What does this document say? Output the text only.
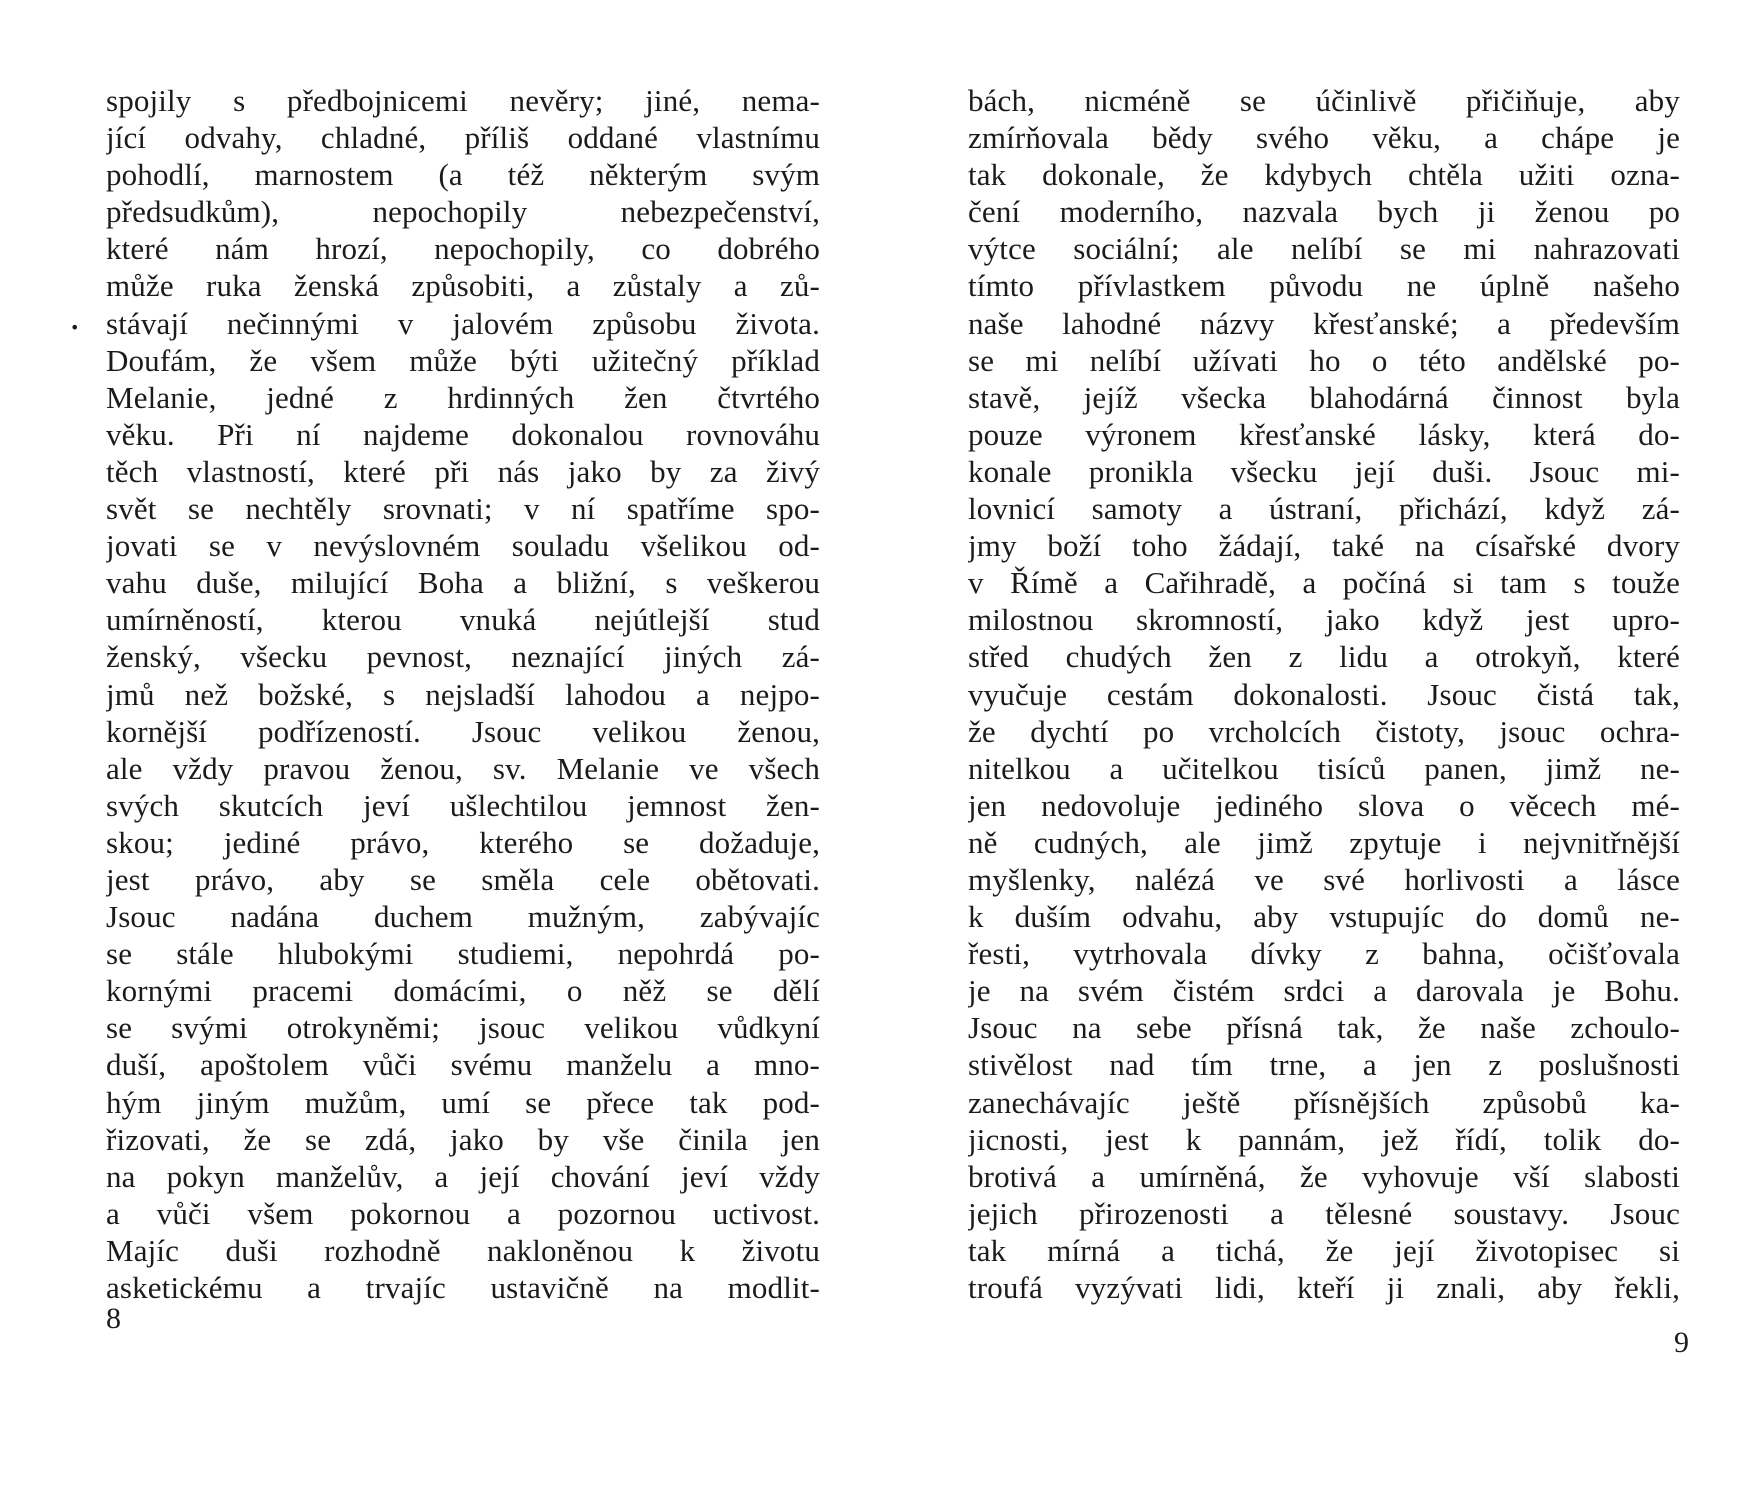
•
spojily s předbojnicemi nevěry; jiné, nema-
jící odvahy, chladné, příliš oddané vlastnímu
pohodlí, marnostem (a též některým svým
předsudkům), nepochopily nebezpečenství,
které nám hrozí, nepochopily, co dobrého
může ruka ženská způsobiti, a zůstaly a zů-
stávají nečinnými v jalovém způsobu života.
Doufám, že všem může býti užitečný příklad
Melanie, jedné z hrdinných žen čtvrtého
věku. Při ní najdeme dokonalou rovnováhu
těch vlastností, které při nás jako by za živý
svět se nechtěly srovnati; v ní spatříme spo-
jovati se v nevýslovném souladu všelikou od-
vahu duše, milující Boha a bližní, s veškerou
umírněností, kterou vnuká nejútlejší stud
ženský, všecku pevnost, neznající jiných zá-
jmů než božské, s nejsladší lahodou a nejpo-
kornější podřízeností. Jsouc velikou ženou,
ale vždy pravou ženou, sv. Melanie ve všech
svých skutcích jeví ušlechtilou jemnost žen-
skou; jediné právo, kterého se dožaduje,
jest právo, aby se směla cele obětovati.
Jsouc nadána duchem mužným, zabývajíc
se stále hlubokými studiemi, nepohrdá po-
kornými pracemi domácími, o něž se dělí
se svými otrokyněmi; jsouc velikou vůdkyní
duší, apoštolem vůči svému manželu a mno-
hým jiným mužům, umí se přece tak pod-
řizovati, že se zdá, jako by vše činila jen
na pokyn manželův, a její chování jeví vždy
a vůči všem pokornou a pozornou uctivost.
Majíc duši rozhodně nakloněnou k životu
asketickému a trvajíc ustavičně na modlit-
8
bách, nicméně se účinlivě přičiňuje, aby
zmírňovala bědy svého věku, a chápe je
tak dokonale, že kdybych chtěla užiti ozna-
čení moderního, nazvala bych ji ženou po
výtce sociální; ale nelíbí se mi nahrazovati
tímto přívlastkem původu ne úplně našeho
naše lahodné názvy křesťanské; a především
se mi nelíbí užívati ho o této andělské po-
stavě, jejíž všecka blahodárná činnost byla
pouze výronem křesťanské lásky, která do-
konale pronikla všecku její duši. Jsouc mi-
lovnicí samoty a ústraní, přichází, když zá-
jmy boží toho žádají, také na císařské dvory
v Římě a Cařihradě, a počíná si tam s touže
milostnou skromností, jako když jest upro-
střed chudých žen z lidu a otrokyň, které
vyučuje cestám dokonalosti. Jsouc čistá tak,
že dychtí po vrcholcích čistoty, jsouc ochra-
nitelkou a učitelkou tisíců panen, jimž ne-
jen nedovoluje jediného slova o věcech mé-
ně cudných, ale jimž zpytuje i nejvnitřnější
myšlenky, nalézá ve své horlivosti a lásce
k duším odvahu, aby vstupujíc do domů ne-
řesti, vytrhovala dívky z bahna, očišťovala
je na svém čistém srdci a darovala je Bohu.
Jsouc na sebe přísná tak, že naše zchoulo-
stivělost nad tím trne, a jen z poslušnosti
zanechávajíc ještě přísnějších způsobů ka-
jicnosti, jest k pannám, jež řídí, tolik do-
brotivá a umírněná, že vyhovuje vší slabosti
jejich přirozenosti a tělesné soustavy. Jsouc
tak mírná a tichá, že její životopisec si
troufá vyzývati lidi, kteří ji znali, aby řekli,
9
